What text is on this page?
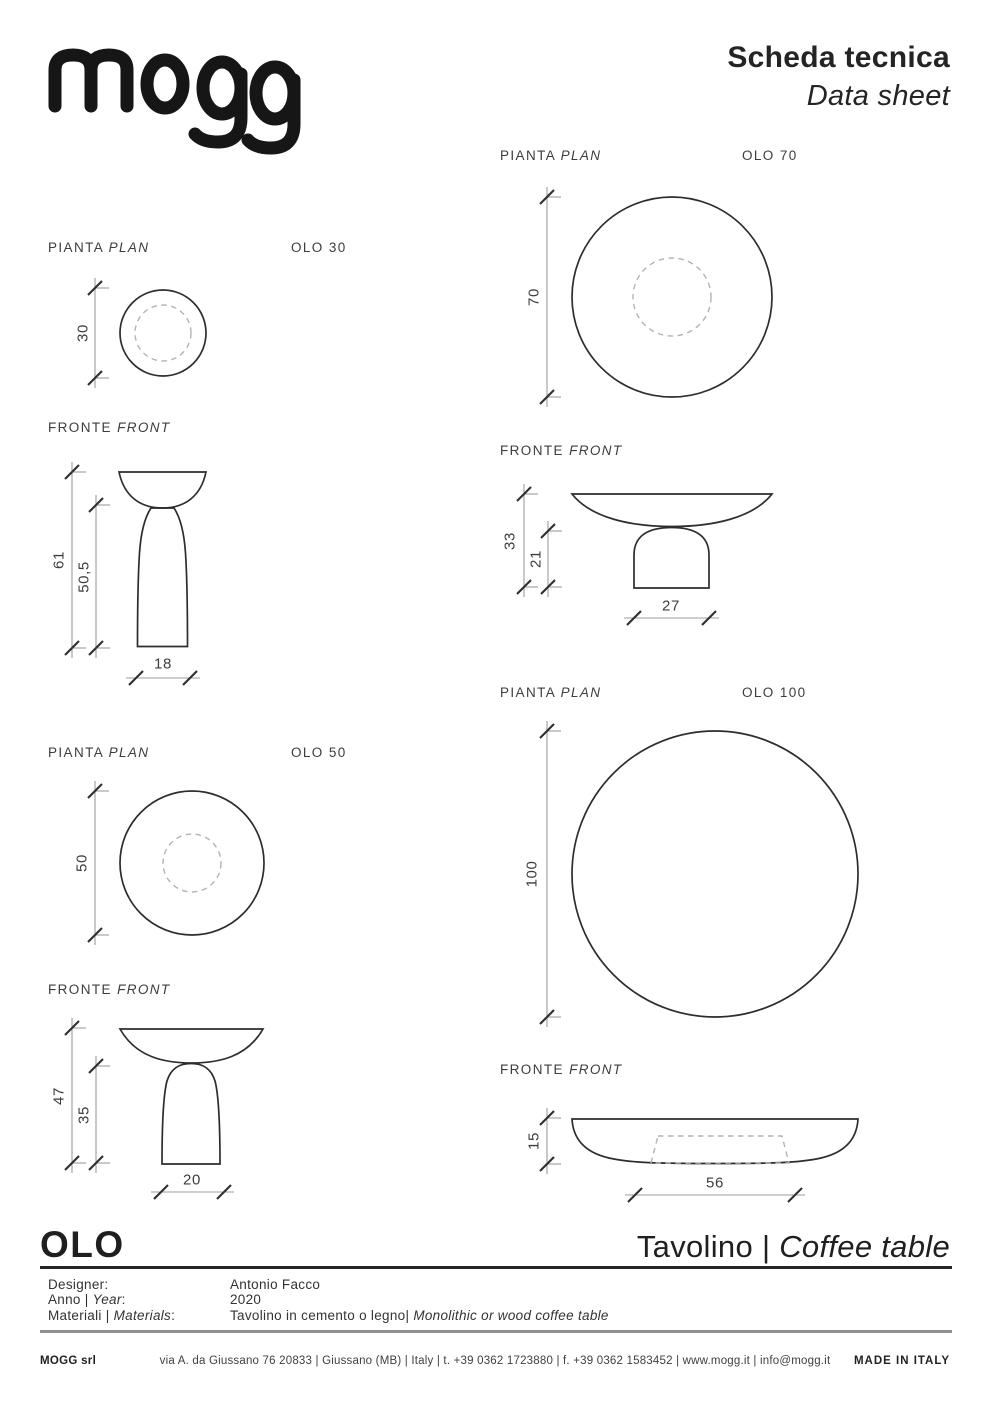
Scheda tecnica
Data sheet
PIANTA PLAN	OLO 30
FRONTE FRONT
PIANTA PLAN	OLO 70
FRONTE FRONT
PIANTA PLAN	OLO 50
FRONTE FRONT
PIANTA PLAN	OLO 100
FRONTE FRONT
30
61
50,5
18
70
33
21
27
50
47
35
20
100
15
56
OLO	Tavolino | Coffee table
Designer:	Antonio Facco
Anno | Year:	2020
Materiali | Materials:	Tavolino in cemento o legno| Monolithic or wood coffee table
via A. da Giussano 76 20833 | Giussano (MB) | Italy | t. +39 0362 1723880 | f. +39 0362 1583452 | www.mogg.it | info@mogg.it
MOGG srl	MADE IN ITALY
